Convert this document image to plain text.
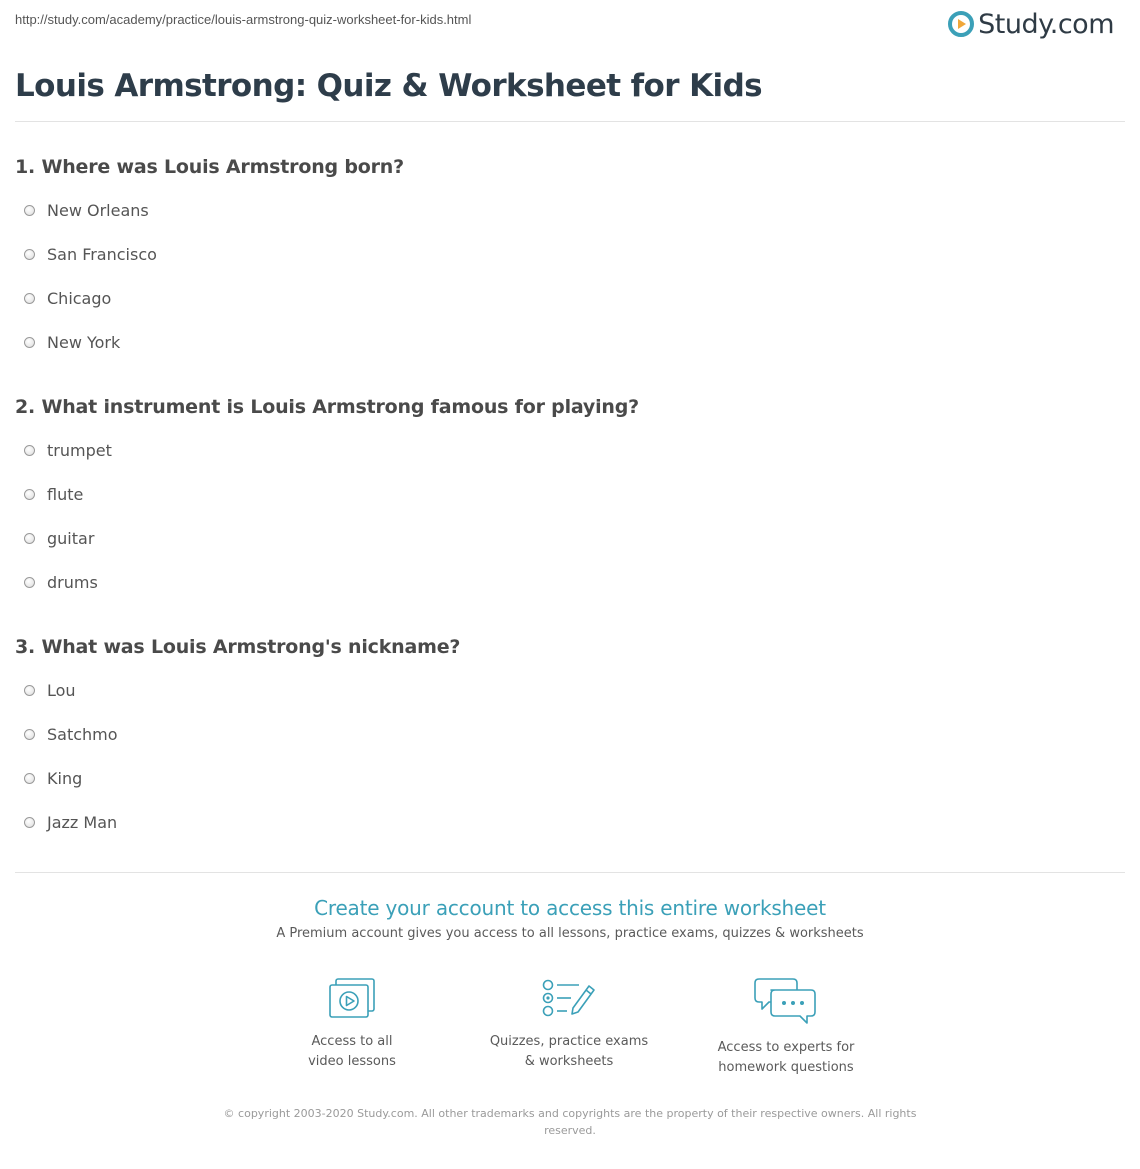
http://study.com/academy/practice/louis-armstrong-quiz-worksheet-for-kids.html	Study.com
Louis Armstrong: Quiz & Worksheet for Kids
1. Where was Louis Armstrong born?
New Orleans
San Francisco
Chicago
New York
2. What instrument is Louis Armstrong famous for playing?
trumpet
flute
guitar
drums
3. What was Louis Armstrong's nickname?
Lou
Satchmo
King
Jazz Man
Create your account to access this entire worksheet
A Premium account gives you access to all lessons, practice exams, quizzes & worksheets
Access to all
video lessons
Quizzes, practice exams
& worksheets
Access to experts for
homework questions
© copyright 2003-2020 Study.com. All other trademarks and copyrights are the property of their respective owners. All rights reserved.
